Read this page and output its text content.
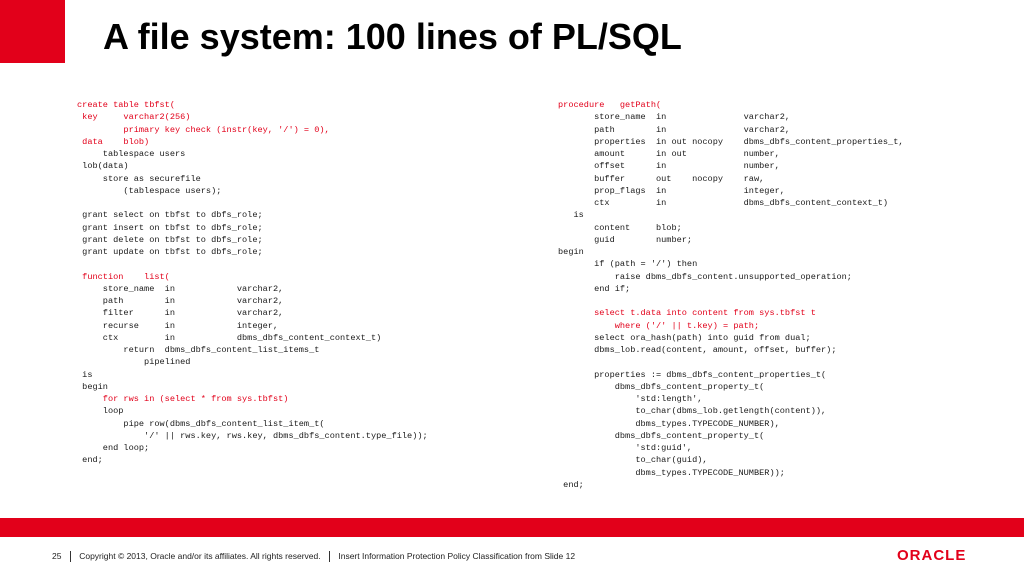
A file system: 100 lines of PL/SQL
create table tbfst(
key     varchar2(256)
primary key check (instr(key, '/') = 0),
data    blob)
tablespace users
lob(data)
store as securefile
(tablespace users);
grant select on tbfst to dbfs_role;
grant insert on tbfst to dbfs_role;
grant delete on tbfst to dbfs_role;
grant update on tbfst to dbfs_role;
function    list(
store_name  in            varchar2,
path        in            varchar2,
filter      in            varchar2,
recurse     in            integer,
ctx         in            dbms_dbfs_content_context_t)
return  dbms_dbfs_content_list_items_t
pipelined
is
begin
for rws in (select * from sys.tbfst)
loop
pipe row(dbms_dbfs_content_list_item_t(
'/' || rws.key, rws.key, dbms_dbfs_content.type_file));
end loop;
end;
procedure   getPath(
store_name  in               varchar2,
path        in               varchar2,
properties  in out nocopy    dbms_dbfs_content_properties_t,
amount      in out           number,
offset      in               number,
buffer      out    nocopy    raw,
prop_flags  in               integer,
ctx         in               dbms_dbfs_content_context_t)
is
content     blob;
guid        number;
begin
if (path = '/') then
raise dbms_dbfs_content.unsupported_operation;
end if;
select t.data into content from sys.tbfst t
where ('/' || t.key) = path;
select ora_hash(path) into guid from dual;
dbms_lob.read(content, amount, offset, buffer);
properties := dbms_dbfs_content_properties_t(
dbms_dbfs_content_property_t(
'std:length',
to_char(dbms_lob.getlength(content)),
dbms_types.TYPECODE_NUMBER),
dbms_dbfs_content_property_t(
'std:guid',
to_char(guid),
dbms_types.TYPECODE_NUMBER));
end;
ORACLE
25 Copyright © 2013, Oracle and/or its affiliates. All rights reserved. Insert Information Protection Policy Classification from Slide 12
